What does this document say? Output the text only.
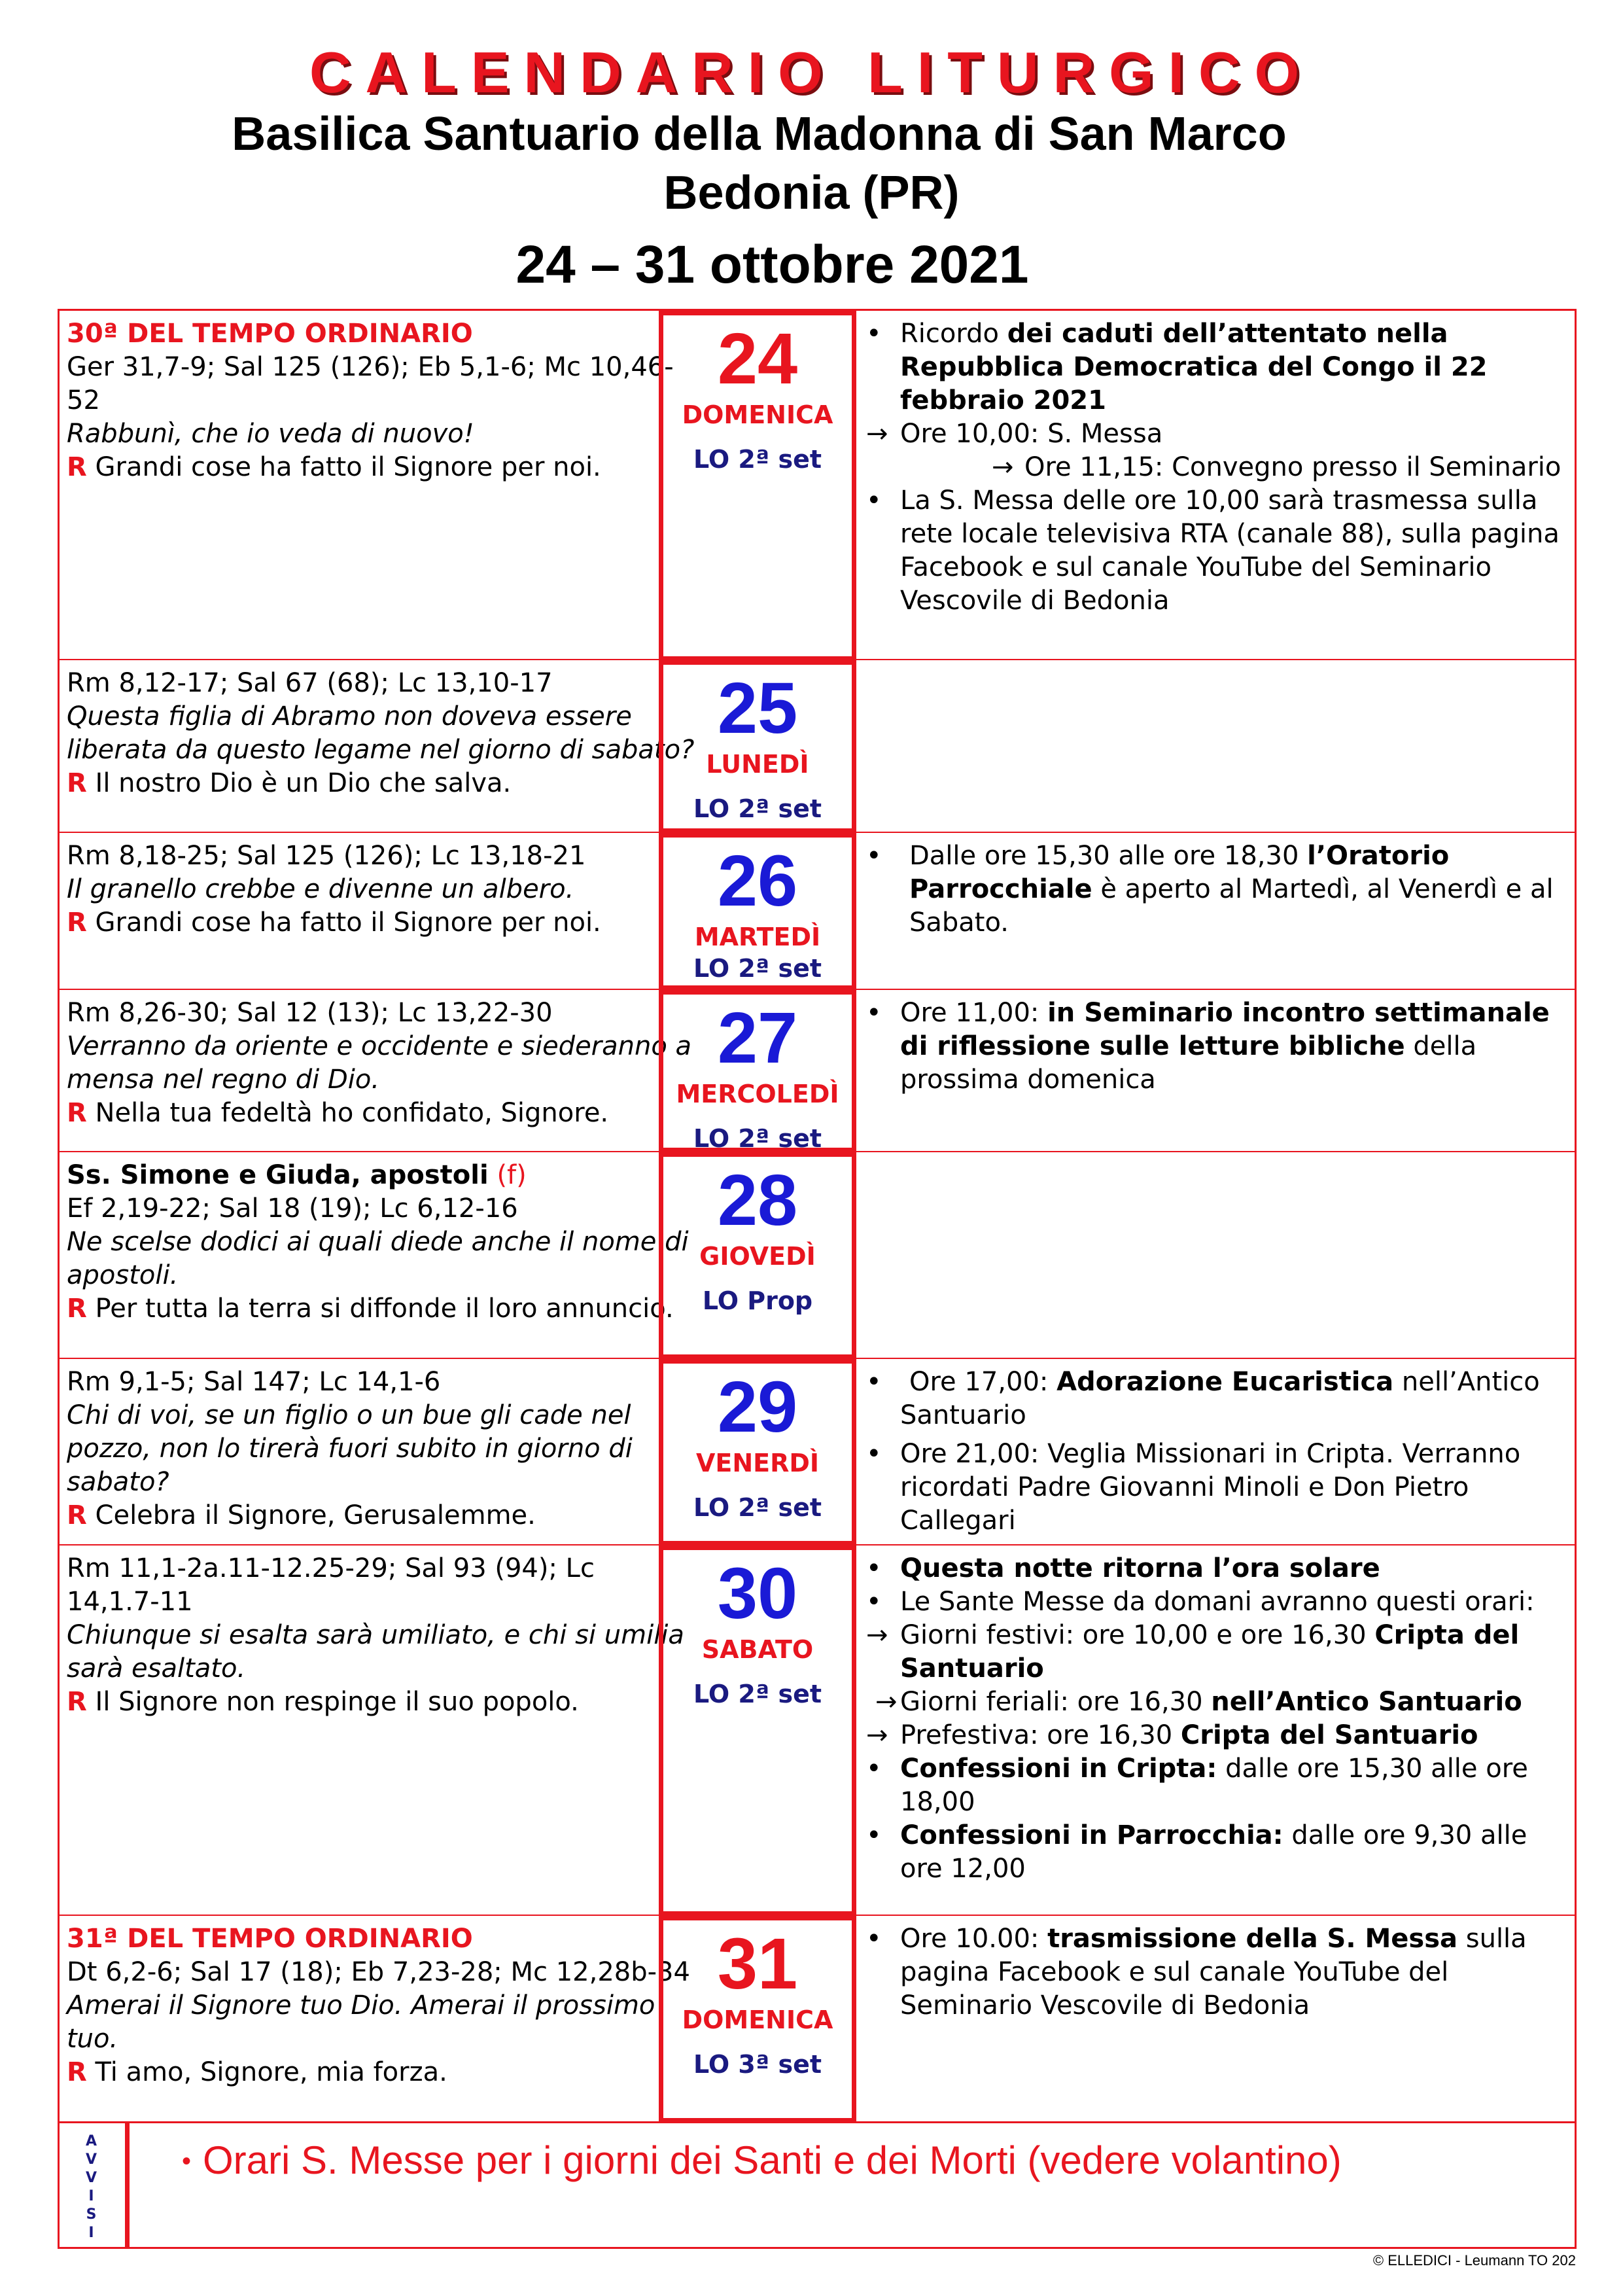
CALENDARIO LITURGICO
Basilica Santuario della Madonna di San Marco
Bedonia (PR)
24 – 31 ottobre 2021
30ª DEL TEMPO ORDINARIO
Ger 31,7-9; Sal 125 (126); Eb 5,1-6; Mc 10,46-52
Rabbunì, che io veda di nuovo!
R Grandi cose ha fatto il Signore per noi.
24
DOMENICA
LO 2ª set
• Ricordo dei caduti dell’attentato nella Repubblica Democratica del Congo il 22 febbraio 2021
→ Ore 10,00: S. Messa
→ Ore 11,15: Convegno presso il Seminario
• La S. Messa delle ore 10,00 sarà trasmessa sulla rete locale televisiva RTA (canale 88), sulla pagina Facebook e sul canale YouTube del Seminario Vescovile di Bedonia
Rm 8,12-17; Sal 67 (68); Lc 13,10-17
Questa figlia di Abramo non doveva essere liberata da questo legame nel giorno di sabato?
R Il nostro Dio è un Dio che salva.
25
LUNEDÌ
LO 2ª set
Rm 8,18-25; Sal 125 (126); Lc 13,18-21
Il granello crebbe e divenne un albero.
R Grandi cose ha fatto il Signore per noi.
26
MARTEDÌ
LO 2ª set
• Dalle ore 15,30 alle ore 18,30 l’Oratorio Parrocchiale è aperto al Martedì, al Venerdì e al Sabato.
Rm 8,26-30; Sal 12 (13); Lc 13,22-30
Verranno da oriente e occidente e siederanno a mensa nel regno di Dio.
R Nella tua fedeltà ho confidato, Signore.
27
MERCOLEDÌ
LO 2ª set
• Ore 11,00: in Seminario incontro settimanale di riflessione sulle letture bibliche della prossima domenica
Ss. Simone e Giuda, apostoli (f)
Ef 2,19-22; Sal 18 (19); Lc 6,12-16
Ne scelse dodici ai quali diede anche il nome di apostoli.
R Per tutta la terra si diffonde il loro annuncio.
28
GIOVEDÌ
LO Prop
Rm 9,1-5; Sal 147; Lc 14,1-6
Chi di voi, se un figlio o un bue gli cade nel pozzo, non lo tirerà fuori subito in giorno di sabato?
R Celebra il Signore, Gerusalemme.
29
VENERDÌ
LO 2ª set
• Ore 17,00: Adorazione Eucaristica nell’Antico Santuario
• Ore 21,00: Veglia Missionari in Cripta. Verranno ricordati Padre Giovanni Minoli e Don Pietro Callegari
Rm 11,1-2a.11-12.25-29; Sal 93 (94); Lc 14,1.7-11
Chiunque si esalta sarà umiliato, e chi si umilia sarà esaltato.
R Il Signore non respinge il suo popolo.
30
SABATO
LO 2ª set
• Questa notte ritorna l’ora solare
• Le Sante Messe da domani avranno questi orari:
→ Giorni festivi: ore 10,00 e ore 16,30 Cripta del Santuario
→ Giorni feriali: ore 16,30 nell’Antico Santuario
→ Prefestiva: ore 16,30 Cripta del Santuario
• Confessioni in Cripta: dalle ore 15,30 alle ore 18,00
• Confessioni in Parrocchia: dalle ore 9,30 alle ore 12,00
31ª DEL TEMPO ORDINARIO
Dt 6,2-6; Sal 17 (18); Eb 7,23-28; Mc 12,28b-34
Amerai il Signore tuo Dio. Amerai il prossimo tuo.
R Ti amo, Signore, mia forza.
31
DOMENICA
LO 3ª set
• Ore 10.00: trasmissione della S. Messa sulla pagina Facebook e sul canale YouTube del Seminario Vescovile di Bedonia
A
V
V
I
S
I
• Orari S. Messe per i giorni dei Santi e dei Morti (vedere volantino)
© ELLEDICI - Leumann TO 202
